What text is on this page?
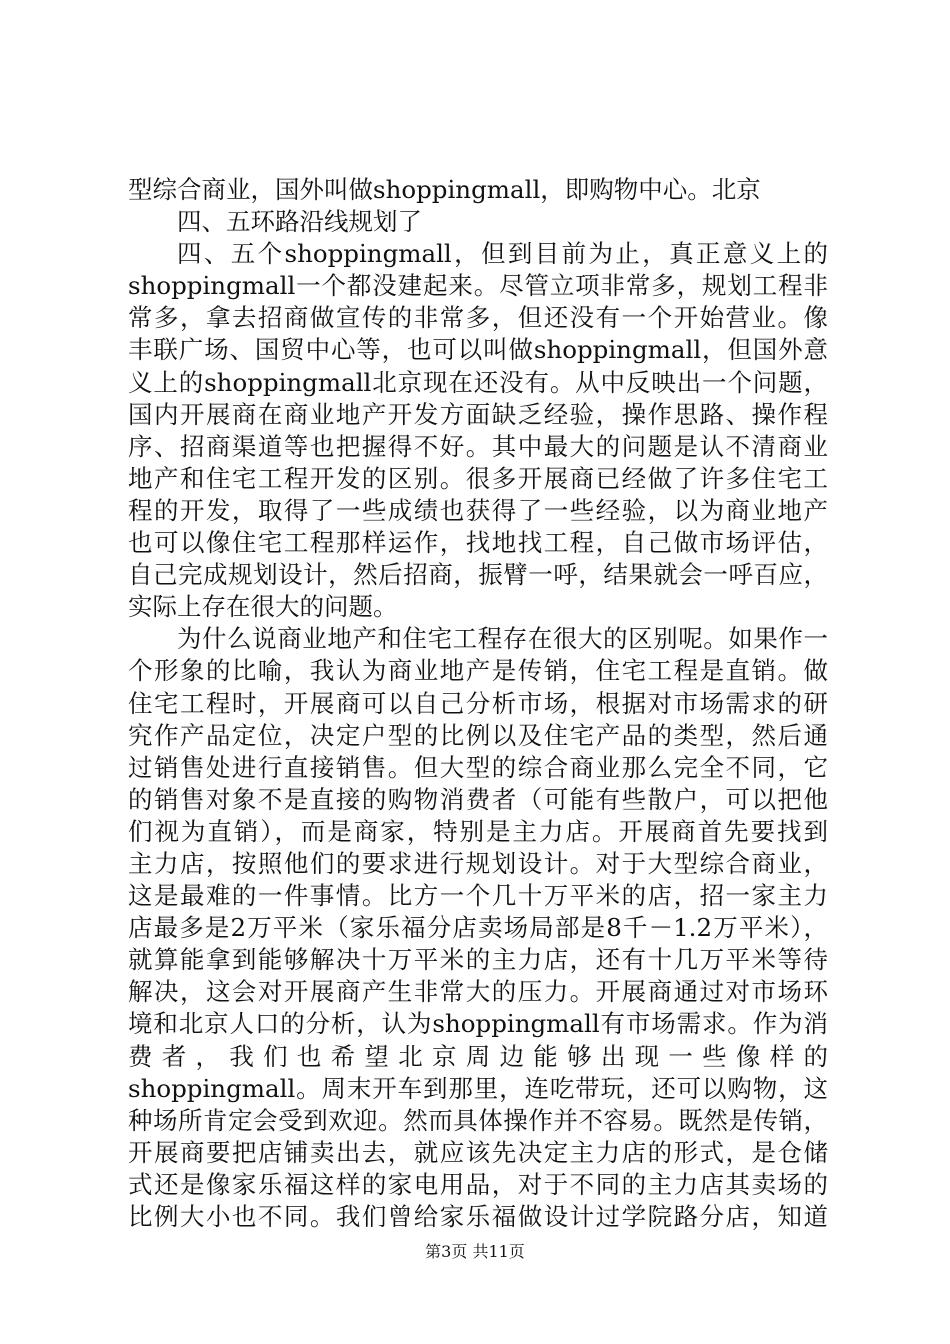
型综合商业，国外叫做shoppingmall，即购物中心。北京
四、五环路沿线规划了
四、五个shoppingmall，但到目前为止，真正意义上的
shoppingmall一个都没建起来。尽管立项非常多，规划工程非
常多，拿去招商做宣传的非常多，但还没有一个开始营业。像
丰联广场、国贸中心等，也可以叫做shoppingmall，但国外意
义上的shoppingmall北京现在还没有。从中反映出一个问题，
国内开展商在商业地产开发方面缺乏经验，操作思路、操作程
序、招商渠道等也把握得不好。其中最大的问题是认不清商业
地产和住宅工程开发的区别。很多开展商已经做了许多住宅工
程的开发，取得了一些成绩也获得了一些经验，以为商业地产
也可以像住宅工程那样运作，找地找工程，自己做市场评估，
自己完成规划设计，然后招商，振臂一呼，结果就会一呼百应，
实际上存在很大的问题。
为什么说商业地产和住宅工程存在很大的区别呢。如果作一
个形象的比喻，我认为商业地产是传销，住宅工程是直销。做
住宅工程时，开展商可以自己分析市场，根据对市场需求的研
究作产品定位，决定户型的比例以及住宅产品的类型，然后通
过销售处进行直接销售。但大型的综合商业那么完全不同，它
的销售对象不是直接的购物消费者（可能有些散户，可以把他
们视为直销），而是商家，特别是主力店。开展商首先要找到
主力店，按照他们的要求进行规划设计。对于大型综合商业，
这是最难的一件事情。比方一个几十万平米的店，招一家主力
店最多是2万平米（家乐福分店卖场局部是8千－1.2万平米），
就算能拿到能够解决十万平米的主力店，还有十几万平米等待
解决，这会对开展商产生非常大的压力。开展商通过对市场环
境和北京人口的分析，认为shoppingmall有市场需求。作为消
费 者 ， 我 们 也 希 望 北 京 周 边 能 够 出 现 一 些 像 样 的
shoppingmall。周末开车到那里，连吃带玩，还可以购物，这
种场所肯定会受到欢迎。然而具体操作并不容易。既然是传销，
开展商要把店铺卖出去，就应该先决定主力店的形式，是仓储
式还是像家乐福这样的家电用品，对于不同的主力店其卖场的
比例大小也不同。我们曾给家乐福做设计过学院路分店，知道
第3页 共11页
